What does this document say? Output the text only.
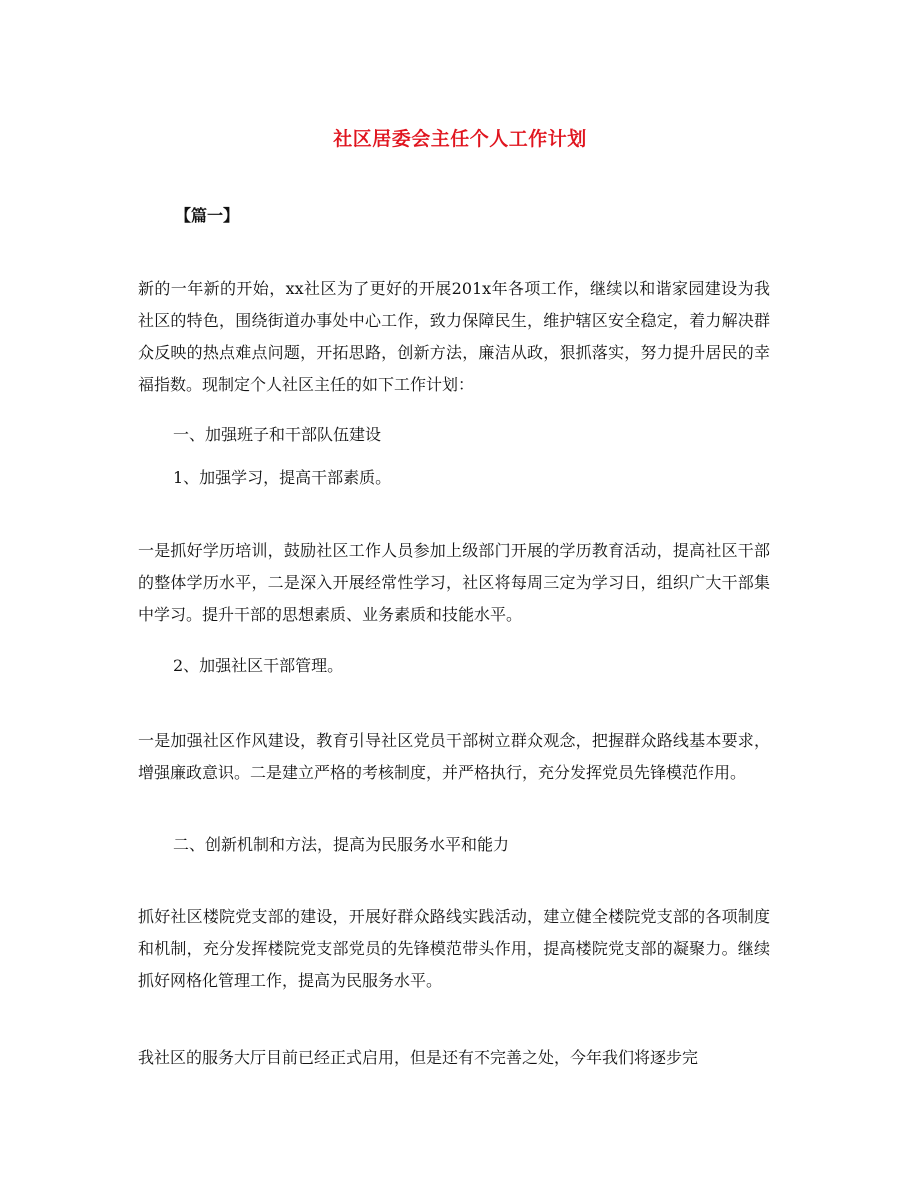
社区居委会主任个人工作计划
【篇一】
新的一年新的开始，xx社区为了更好的开展201x年各项工作，继续以和谐家园建设为我社区的特色，围绕街道办事处中心工作，致力保障民生，维护辖区安全稳定，着力解决群众反映的热点难点问题，开拓思路，创新方法，廉洁从政，狠抓落实，努力提升居民的幸福指数。现制定个人社区主任的如下工作计划：
一、加强班子和干部队伍建设
1、加强学习，提高干部素质。
一是抓好学历培训，鼓励社区工作人员参加上级部门开展的学历教育活动，提高社区干部的整体学历水平，二是深入开展经常性学习，社区将每周三定为学习日，组织广大干部集中学习。提升干部的思想素质、业务素质和技能水平。
2、加强社区干部管理。
一是加强社区作风建设，教育引导社区党员干部树立群众观念，把握群众路线基本要求，增强廉政意识。二是建立严格的考核制度，并严格执行，充分发挥党员先锋模范作用。
二、创新机制和方法，提高为民服务水平和能力
抓好社区楼院党支部的建设，开展好群众路线实践活动，建立健全楼院党支部的各项制度和机制，充分发挥楼院党支部党员的先锋模范带头作用，提高楼院党支部的凝聚力。继续抓好网格化管理工作，提高为民服务水平。
我社区的服务大厅目前已经正式启用，但是还有不完善之处，今年我们将逐步完
